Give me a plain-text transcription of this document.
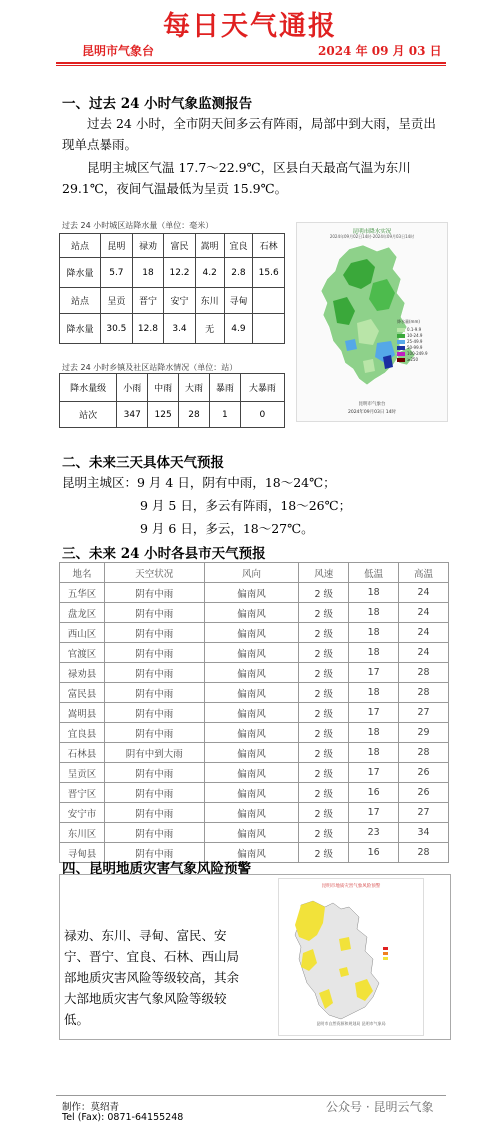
每日天气通报
昆明市气象台	2024 年 09 月 03 日
一、过去 24 小时气象监测报告
过去 24 小时，全市阴天间多云有阵雨，局部中到大雨，呈贡出现单点暴雨。
昆明主城区气温 17.7～22.9℃，区县白天最高气温为东川 29.1℃，夜间气温最低为呈贡 15.9℃。
过去 24 小时城区站降水量（单位：毫米）
站点	昆明	禄劝	富民	嵩明	宜良	石林
降水量	5.7	18	12.2	4.2	2.8	15.6
站点	呈贡	晋宁	安宁	东川	寻甸	
降水量	30.5	12.8	3.4	无	4.9	
过去 24 小时乡镇及社区站降水情况（单位：站）
降水量级	小雨	中雨	大雨	暴雨	大暴雨
站次	347	125	28	1	0
昆明市降水实况
2024年09月02日14时-2024年09月03日14时
降水量(mm)
0.1-9.9
10-24.9
25-49.9
50-99.9
100-249.9
≥250
昆明市气象台
2024年09月03日 14时
二、未来三天具体天气预报
昆明主城区：9 月 4 日，阴有中雨，18～24℃；
9 月 5 日，多云有阵雨，18～26℃；
9 月 6 日，多云，18～27℃。
三、未来 24 小时各县市天气预报
地名	天空状况	风向	风速	低温	高温
五华区	阴有中雨	偏南风	2 级	18	24
盘龙区	阴有中雨	偏南风	2 级	18	24
西山区	阴有中雨	偏南风	2 级	18	24
官渡区	阴有中雨	偏南风	2 级	18	24
禄劝县	阴有中雨	偏南风	2 级	17	28
富民县	阴有中雨	偏南风	2 级	18	28
嵩明县	阴有中雨	偏南风	2 级	17	27
宜良县	阴有中雨	偏南风	2 级	18	29
石林县	阴有中到大雨	偏南风	2 级	18	28
呈贡区	阴有中雨	偏南风	2 级	17	26
晋宁区	阴有中雨	偏南风	2 级	16	26
安宁市	阴有中雨	偏南风	2 级	17	27
东川区	阴有中雨	偏南风	2 级	23	34
寻甸县	阴有中雨	偏南风	2 级	16	28
四、昆明地质灾害气象风险预警
禄劝、东川、寻甸、富民、安宁、晋宁、宜良、石林、西山局部地质灾害风险等级较高，其余大部地质灾害气象风险等级较低。
昆明市地质灾害气象风险预警
昆明市自然资源和规划局 昆明市气象局
制作：莫绍青
Tel (Fax): 0871-64155248
公众号 · 昆明云气象
